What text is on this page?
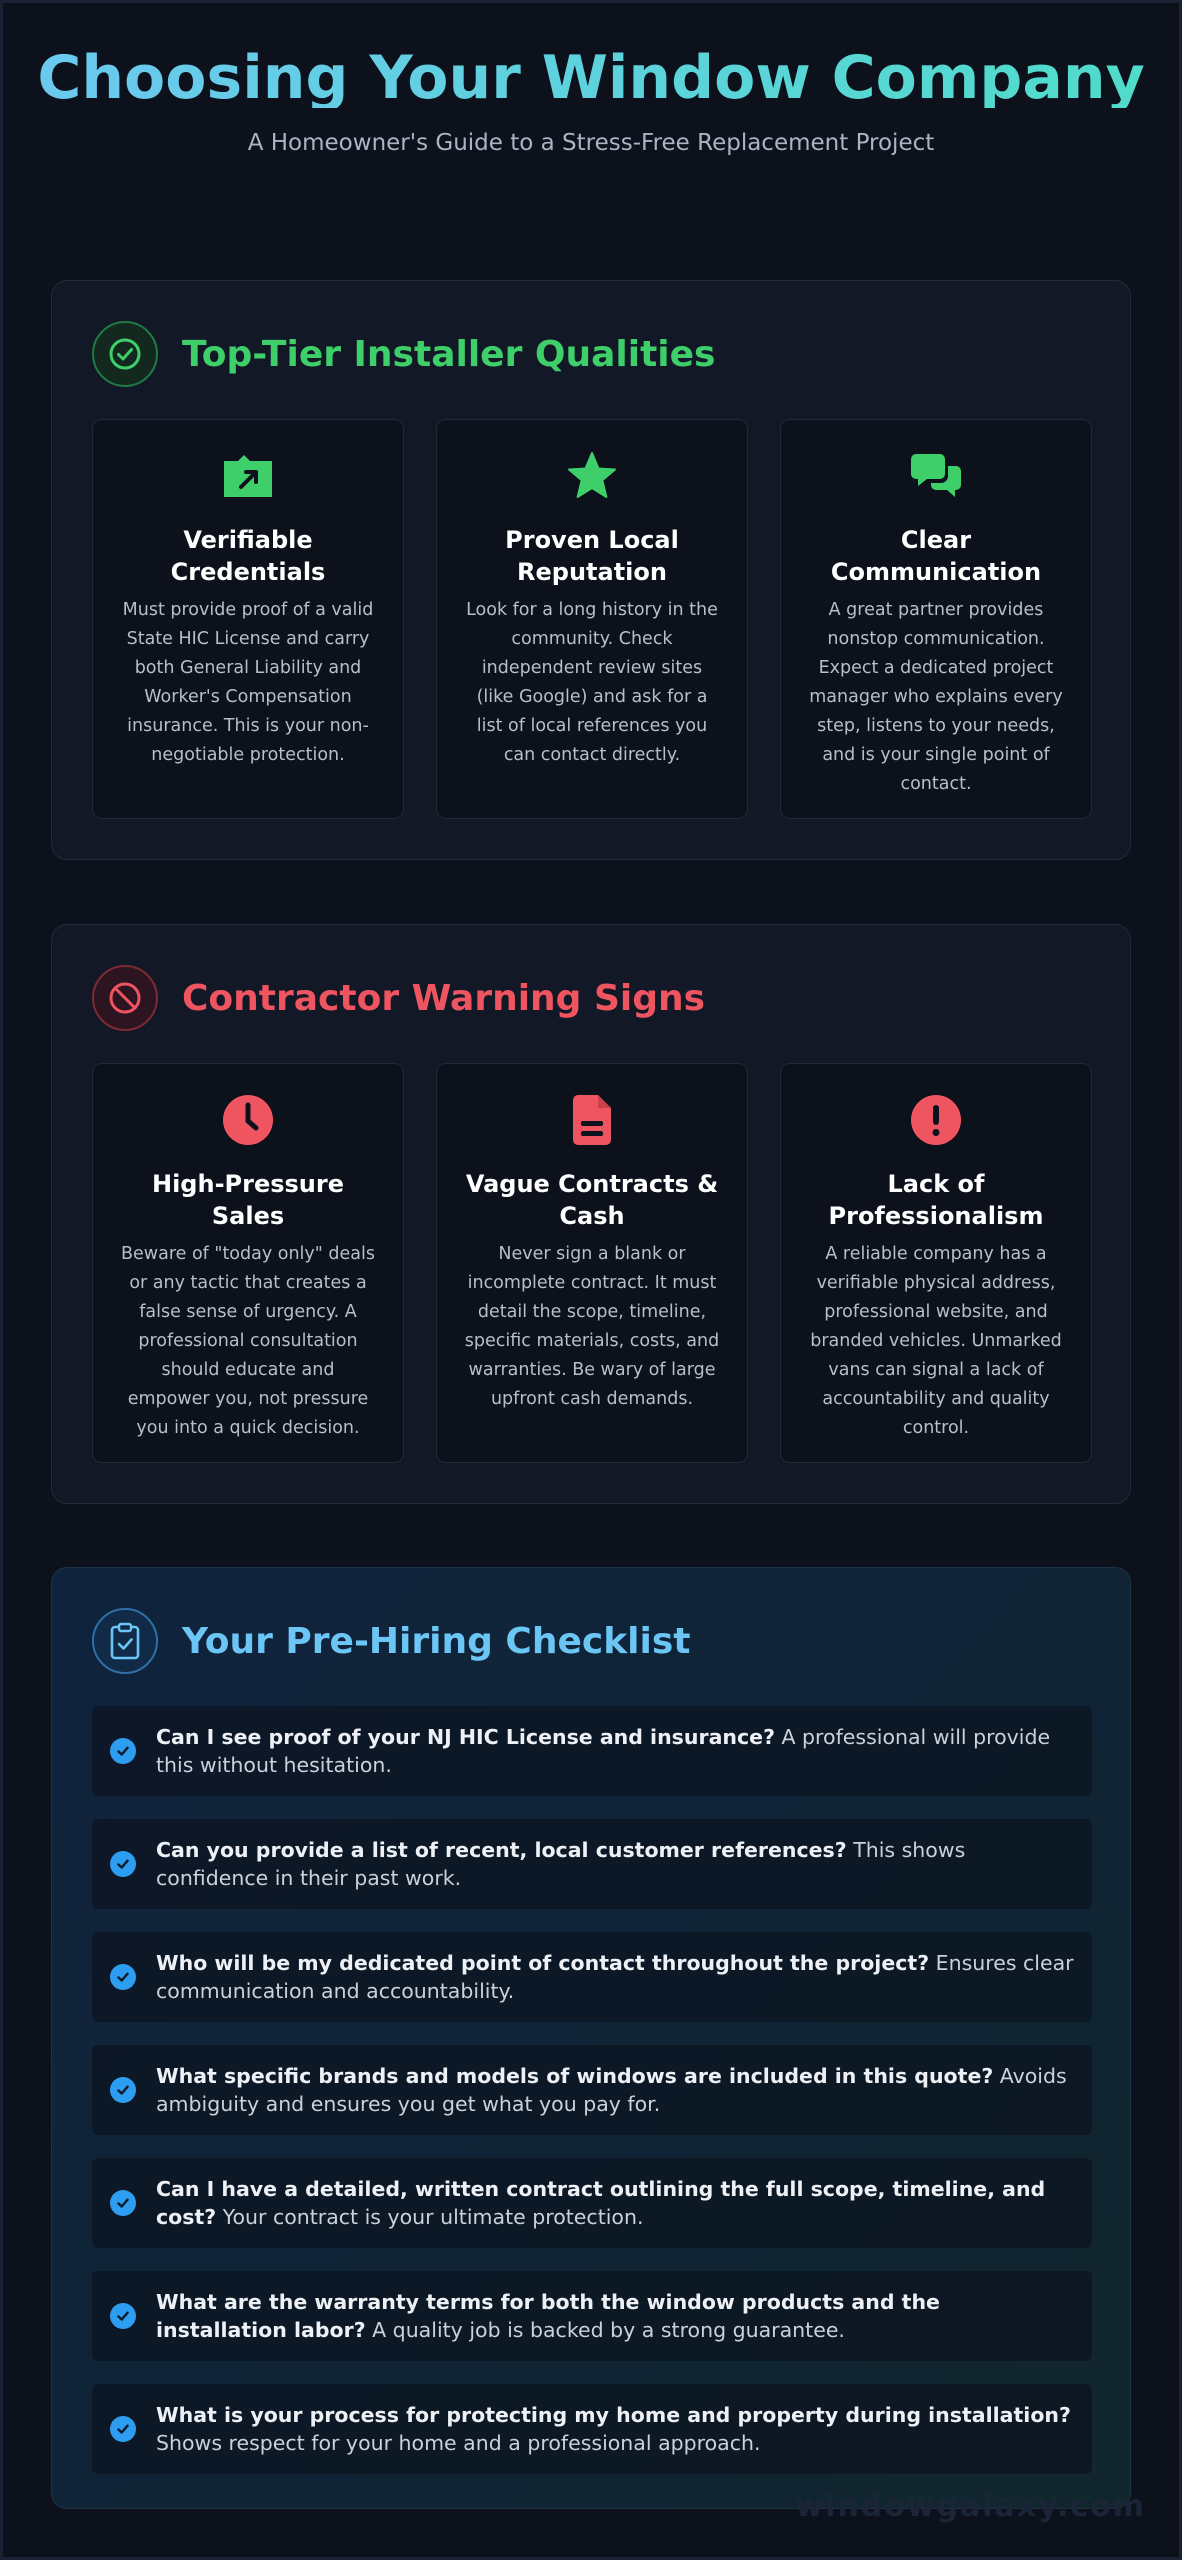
Choosing Your Window Company
A Homeowner's Guide to a Stress-Free Replacement Project
Top-Tier Installer Qualities
Verifiable Credentials
Must provide proof of a valid State HIC License and carry both General Liability and Worker's Compensation insurance. This is your non-negotiable protection.
Proven Local Reputation
Look for a long history in the community. Check independent review sites (like Google) and ask for a list of local references you can contact directly.
Clear Communication
A great partner provides nonstop communication. Expect a dedicated project manager who explains every step, listens to your needs, and is your single point of contact.
Contractor Warning Signs
High-Pressure Sales
Beware of "today only" deals or any tactic that creates a false sense of urgency. A professional consultation should educate and empower you, not pressure you into a quick decision.
Vague Contracts & Cash
Never sign a blank or incomplete contract. It must detail the scope, timeline, specific materials, costs, and warranties. Be wary of large upfront cash demands.
Lack of Professionalism
A reliable company has a verifiable physical address, professional website, and branded vehicles. Unmarked vans can signal a lack of accountability and quality control.
Your Pre-Hiring Checklist
Can I see proof of your NJ HIC License and insurance? A professional will provide this without hesitation.
Can you provide a list of recent, local customer references? This shows confidence in their past work.
Who will be my dedicated point of contact throughout the project? Ensures clear communication and accountability.
What specific brands and models of windows are included in this quote? Avoids ambiguity and ensures you get what you pay for.
Can I have a detailed, written contract outlining the full scope, timeline, and cost? Your contract is your ultimate protection.
What are the warranty terms for both the window products and the installation labor? A quality job is backed by a strong guarantee.
What is your process for protecting my home and property during installation? Shows respect for your home and a professional approach.
windowgalaxy.com
